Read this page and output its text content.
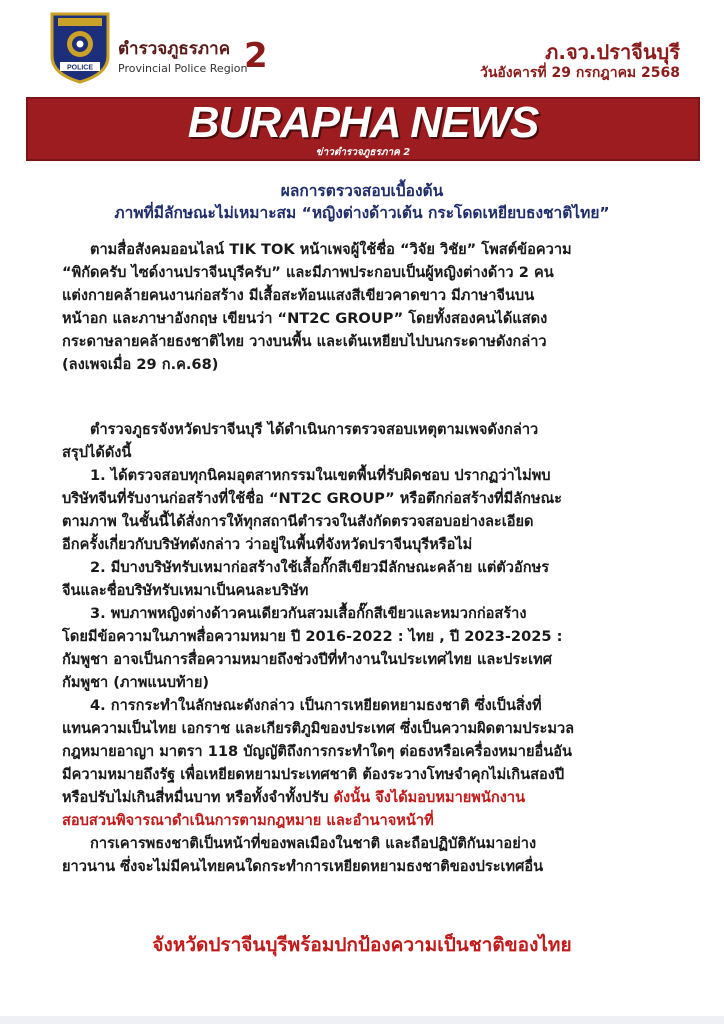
POLICE
ตำรวจภูธรภาค
Provincial Police Region
2	ภ.จว.ปราจีนบุรี
วันอังคารที่ 29 กรกฎาคม 2568
BURAPHA NEWS
ข่าวตำรวจภูธรภาค 2
ผลการตรวจสอบเบื้องต้น
ภาพที่มีลักษณะไม่เหมาะสม “หญิงต่างด้าวเต้น กระโดดเหยียบธงชาติไทย”
ตามสื่อสังคมออนไลน์ TIK TOK หน้าเพจผู้ใช้ชื่อ “วิจัย วิชัย” โพสต์ข้อความ
“พิกัดครับ ไซด์งานปราจีนบุรีครับ” และมีภาพประกอบเป็นผู้หญิงต่างด้าว 2 คน
แต่งกายคล้ายคนงานก่อสร้าง มีเสื้อสะท้อนแสงสีเขียวคาดขาว มีภาษาจีนบน
หน้าอก และภาษาอังกฤษ เขียนว่า “NT2C GROUP” โดยทั้งสองคนได้แสดง
กระดาษลายคล้ายธงชาติไทย วางบนพื้น และเต้นเหยียบไปบนกระดาษดังกล่าว
(ลงเพจเมื่อ 29 ก.ค.68)
ตำรวจภูธรจังหวัดปราจีนบุรี ได้ดำเนินการตรวจสอบเหตุตามเพจดังกล่าว
สรุปได้ดังนี้
1. ได้ตรวจสอบทุกนิคมอุตสาหกรรมในเขตพื้นที่รับผิดชอบ ปรากฏว่าไม่พบ
บริษัทจีนที่รับงานก่อสร้างที่ใช้ชื่อ “NT2C GROUP” หรือตึกก่อสร้างที่มีลักษณะ
ตามภาพ ในชั้นนี้ได้สั่งการให้ทุกสถานีตำรวจในสังกัดตรวจสอบอย่างละเอียด
อีกครั้งเกี่ยวกับบริษัทดังกล่าว ว่าอยู่ในพื้นที่จังหวัดปราจีนบุรีหรือไม่
2. มีบางบริษัทรับเหมาก่อสร้างใช้เสื้อกั๊กสีเขียวมีลักษณะคล้าย แต่ตัวอักษร
จีนและชื่อบริษัทรับเหมาเป็นคนละบริษัท
3. พบภาพหญิงต่างด้าวคนเดียวกันสวมเสื้อกั๊กสีเขียวและหมวกก่อสร้าง
โดยมีข้อความในภาพสื่อความหมาย ปี 2016-2022 : ไทย , ปี 2023-2025 :
กัมพูชา อาจเป็นการสื่อความหมายถึงช่วงปีที่ทำงานในประเทศไทย และประเทศ
กัมพูชา (ภาพแนบท้าย)
4. การกระทำในลักษณะดังกล่าว เป็นการเหยียดหยามธงชาติ ซึ่งเป็นสิ่งที่
แทนความเป็นไทย เอกราช และเกียรติภูมิของประเทศ ซึ่งเป็นความผิดตามประมวล
กฎหมายอาญา มาตรา 118 บัญญัติถึงการกระทำใดๆ ต่อธงหรือเครื่องหมายอื่นอัน
มีความหมายถึงรัฐ เพื่อเหยียดหยามประเทศชาติ ต้องระวางโทษจำคุกไม่เกินสองปี
หรือปรับไม่เกินสี่หมื่นบาท หรือทั้งจำทั้งปรับ ดังนั้น จึงได้มอบหมายพนักงาน
สอบสวนพิจารณาดำเนินการตามกฎหมาย และอำนาจหน้าที่
การเคารพธงชาติเป็นหน้าที่ของพลเมืองในชาติ และถือปฏิบัติกันมาอย่าง
ยาวนาน ซึ่งจะไม่มีคนไทยคนใดกระทำการเหยียดหยามธงชาติของประเทศอื่น
จังหวัดปราจีนบุรีพร้อมปกป้องความเป็นชาติของไทย
